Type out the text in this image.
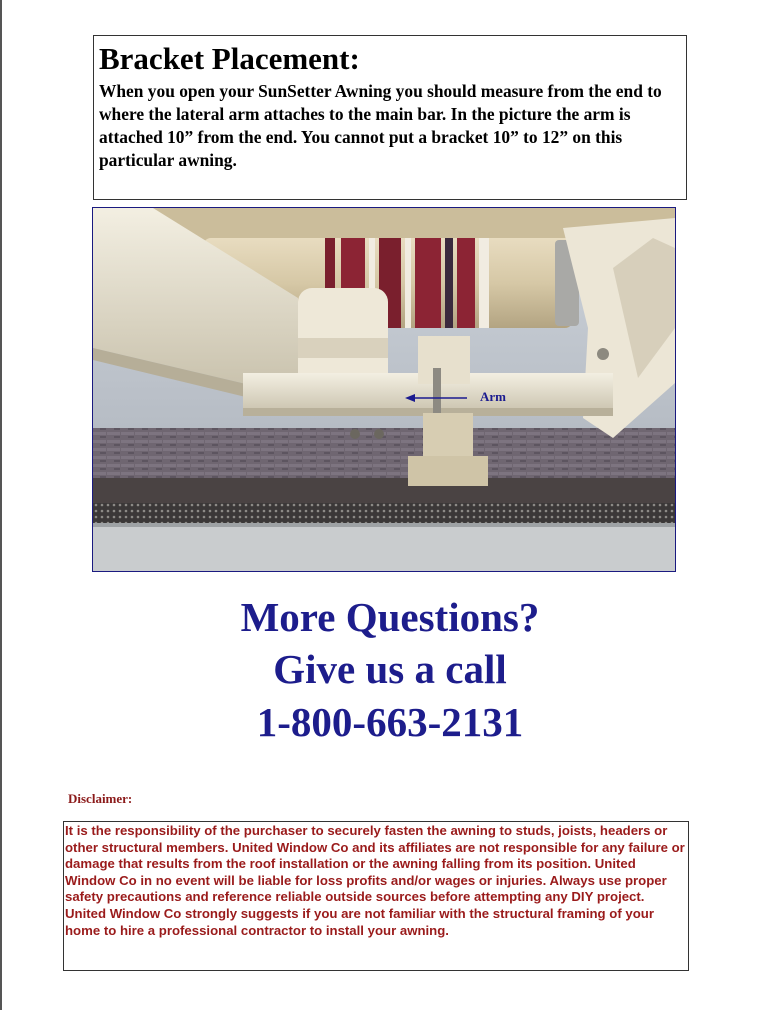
Bracket Placement:

When you open your SunSetter Awning you should measure from the end to where the lateral arm attaches to the main bar. In the picture the arm is attached 10” from the end. You cannot put a bracket 10” to 12” on this particular awning.

Arm
More Questions?
Give us a call
1-800-663-2131
Disclaimer:

It is the responsibility of the purchaser to securely fasten the awning to studs, joists, headers or other structural members. United Window Co and its affiliates are not responsible for any failure or damage that results from the roof installation or the awning falling from its position. United Window Co in no event will be liable for loss profits and/or wages or injuries. Always use proper safety precautions and reference reliable outside sources before attempting any DIY project. United Window Co strongly suggests if you are not familiar with the structural framing of your home to hire a professional contractor to install your awning.
